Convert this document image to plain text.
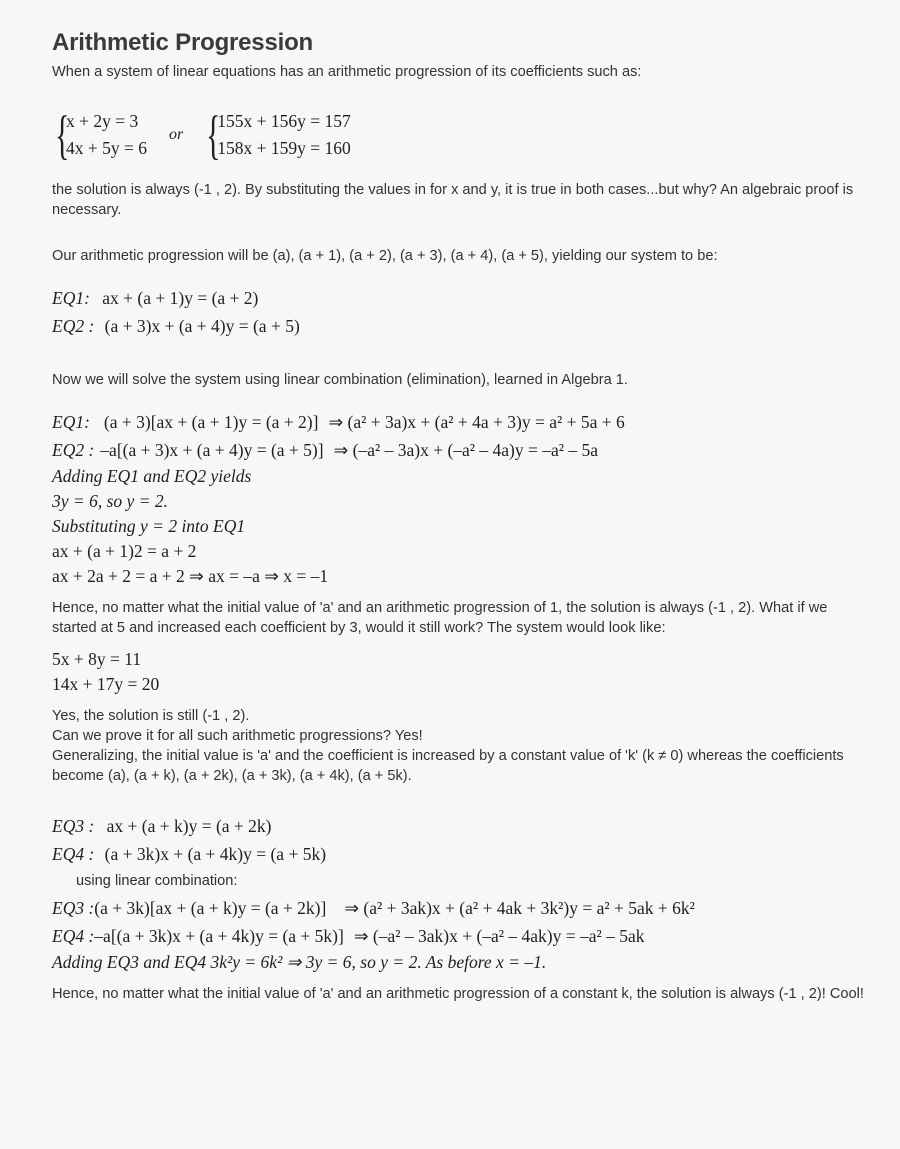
Arithmetic Progression

When a system of linear equations has an arithmetic progression of its coefficients such as:

{
x + 2y = 3
4x + 5y = 6
or {
155x + 156y = 157
158x + 159y = 160

the solution is always (-1 , 2). By substituting the values in for x and y, it is true in both cases...but why? An algebraic proof is necessary.

Our arithmetic progression will be (a), (a + 1), (a + 2), (a + 3), (a + 4), (a + 5), yielding our system to be:

EQ1: ax + (a + 1)y = (a + 2)
EQ2 : (a + 3)x + (a + 4)y = (a + 5)

Now we will solve the system using linear combination (elimination), learned in Algebra 1.

EQ1: (a + 3) [ax + (a + 1)y = (a + 2)] ⇒ (a² + 3a)x + (a² + 4a + 3)y = a² + 5a + 6
EQ2 : –a [(a + 3)x + (a + 4)y = (a + 5)] ⇒ (–a² – 3a)x + (–a² – 4a)y = –a² – 5a
Adding EQ1 and EQ2 yields
3y = 6, so y = 2.
Substituting y = 2 into EQ1
ax + (a + 1)2 = a + 2
ax + 2a + 2 = a + 2 ⇒ ax = –a ⇒ x = –1

Hence, no matter what the initial value of 'a' and an arithmetic progression of 1, the solution is always (-1 , 2). What if we started at 5 and increased each coefficient by 3, would it still work? The system would look like:

5x + 8y = 11
14x + 17y = 20

Yes, the solution is still (-1 , 2).

Can we prove it for all such arithmetic progressions? Yes!

Generalizing, the initial value is 'a' and the coefficient is increased by a constant value of 'k' (k ≠ 0) whereas the coefficients become (a), (a + k), (a + 2k), (a + 3k), (a + 4k), (a + 5k).

EQ3 : ax + (a + k)y = (a + 2k)
EQ4 : (a + 3k)x + (a + 4k)y = (a + 5k)
using linear combination:
EQ3 : (a + 3k) [ax + (a + k)y = (a + 2k)]	⇒ (a² + 3ak)x + (a² + 4ak + 3k²)y = a² + 5ak + 6k²
EQ4 : –a [(a + 3k)x + (a + 4k)y = (a + 5k)] ⇒ (–a² – 3ak)x + (–a² – 4ak)y = –a² – 5ak
Adding EQ3 and EQ4 3k²y = 6k² ⇒ 3y = 6, so y = 2. As before x = –1.

Hence, no matter what the initial value of 'a' and an arithmetic progression of a constant k, the solution is always (-1 , 2)! Cool!
